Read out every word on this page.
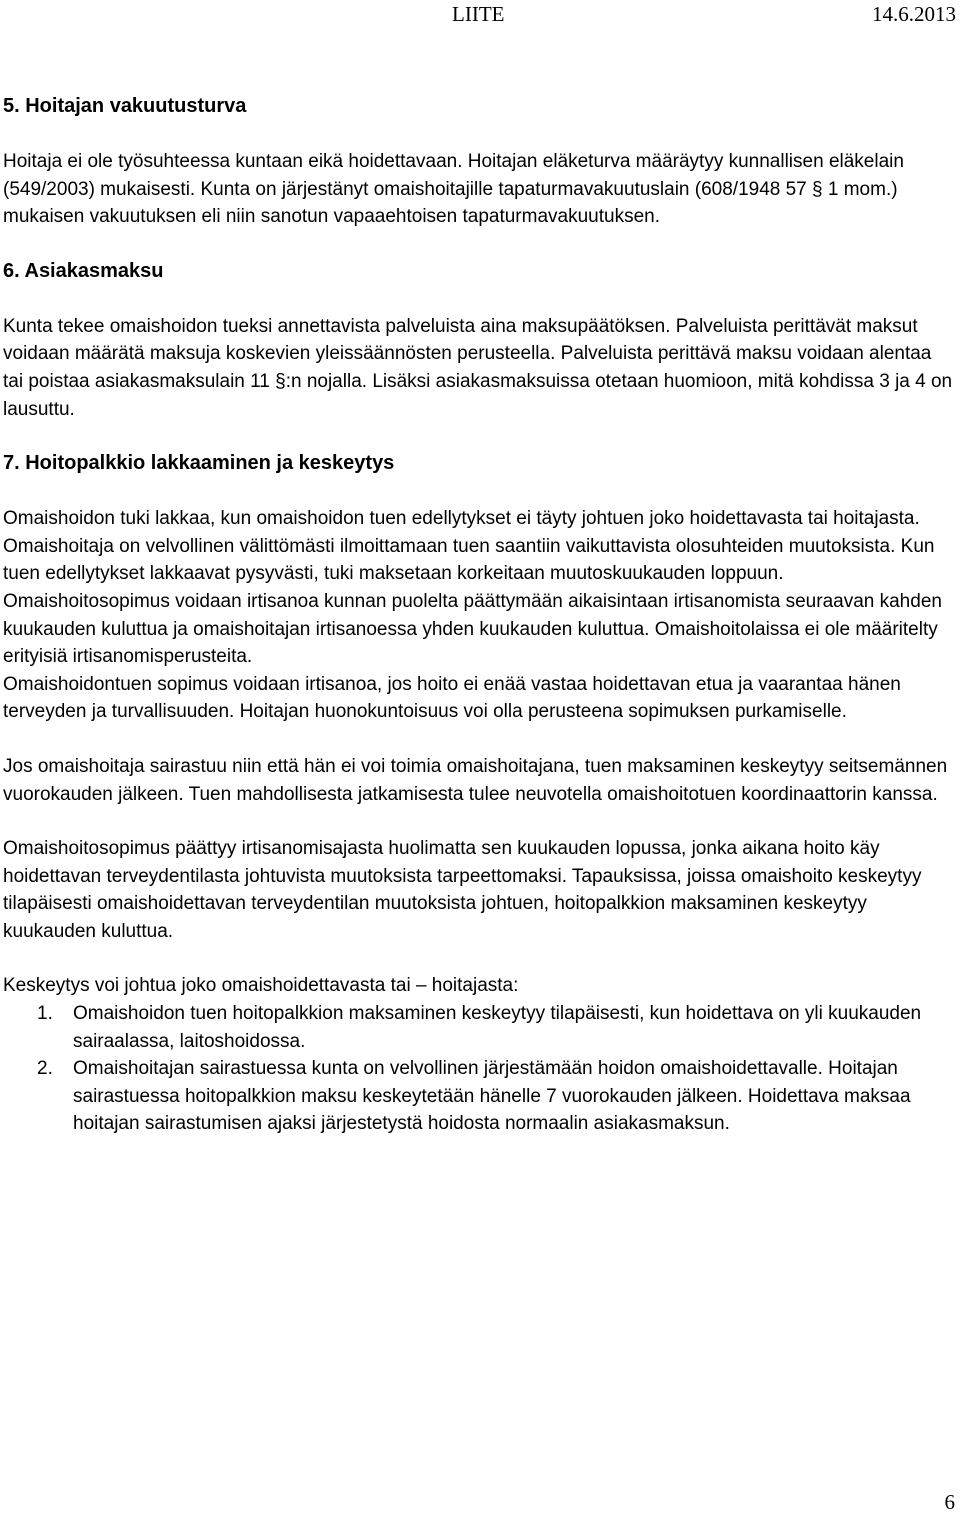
LIITE	14.6.2013
5. Hoitajan vakuutusturva

Hoitaja ei ole työsuhteessa kuntaan eikä hoidettavaan. Hoitajan eläketurva määräytyy kunnallisen eläkelain (549/2003) mukaisesti. Kunta on järjestänyt omaishoitajille tapaturmavakuutuslain (608/1948 57 § 1 mom.) mukaisen vakuutuksen eli niin sanotun vapaaehtoisen tapaturmavakuutuksen.

6. Asiakasmaksu

Kunta tekee omaishoidon tueksi annettavista palveluista aina maksupäätöksen. Palveluista perittävät maksut voidaan määrätä maksuja koskevien yleissäännösten perusteella. Palveluista perittävä maksu voidaan alentaa tai poistaa asiakasmaksulain 11 §:n nojalla. Lisäksi asiakasmaksuissa otetaan huomioon, mitä kohdissa 3 ja 4 on lausuttu.

7. Hoitopalkkio lakkaaminen ja keskeytys

Omaishoidon tuki lakkaa, kun omaishoidon tuen edellytykset ei täyty johtuen joko hoidettavasta tai hoitajasta. Omaishoitaja on velvollinen välittömästi ilmoittamaan tuen saantiin vaikuttavista olosuhteiden muutoksista. Kun tuen edellytykset lakkaavat pysyvästi, tuki maksetaan korkeitaan muutoskuukauden loppuun.

Omaishoitosopimus voidaan irtisanoa kunnan puolelta päättymään aikaisintaan irtisanomista seuraavan kahden kuukauden kuluttua ja omaishoitajan irtisanoessa yhden kuukauden kuluttua. Omaishoitolaissa ei ole määritelty erityisiä irtisanomisperusteita.

Omaishoidontuen sopimus voidaan irtisanoa, jos hoito ei enää vastaa hoidettavan etua ja vaarantaa hänen terveyden ja turvallisuuden. Hoitajan huonokuntoisuus voi olla perusteena sopimuksen purkamiselle.

Jos omaishoitaja sairastuu niin että hän ei voi toimia omaishoitajana, tuen maksaminen keskeytyy seitsemännen vuorokauden jälkeen. Tuen mahdollisesta jatkamisesta tulee neuvotella omaishoitotuen koordinaattorin kanssa.

Omaishoitosopimus päättyy irtisanomisajasta huolimatta sen kuukauden lopussa, jonka aikana hoito käy hoidettavan terveydentilasta johtuvista muutoksista tarpeettomaksi. Tapauksissa, joissa omaishoito keskeytyy tilapäisesti omaishoidettavan terveydentilan muutoksista johtuen, hoitopalkkion maksaminen keskeytyy kuukauden kuluttua.

Keskeytys voi johtua joko omaishoidettavasta tai – hoitajasta:

1. Omaishoidon tuen hoitopalkkion maksaminen keskeytyy tilapäisesti, kun hoidettava on yli kuukauden sairaalassa, laitoshoidossa.
2. Omaishoitajan sairastuessa kunta on velvollinen järjestämään hoidon omaishoidettavalle. Hoitajan sairastuessa hoitopalkkion maksu keskeytetään hänelle 7 vuorokauden jälkeen. Hoidettava maksaa hoitajan sairastumisen ajaksi järjestetystä hoidosta normaalin asiakasmaksun.
6
